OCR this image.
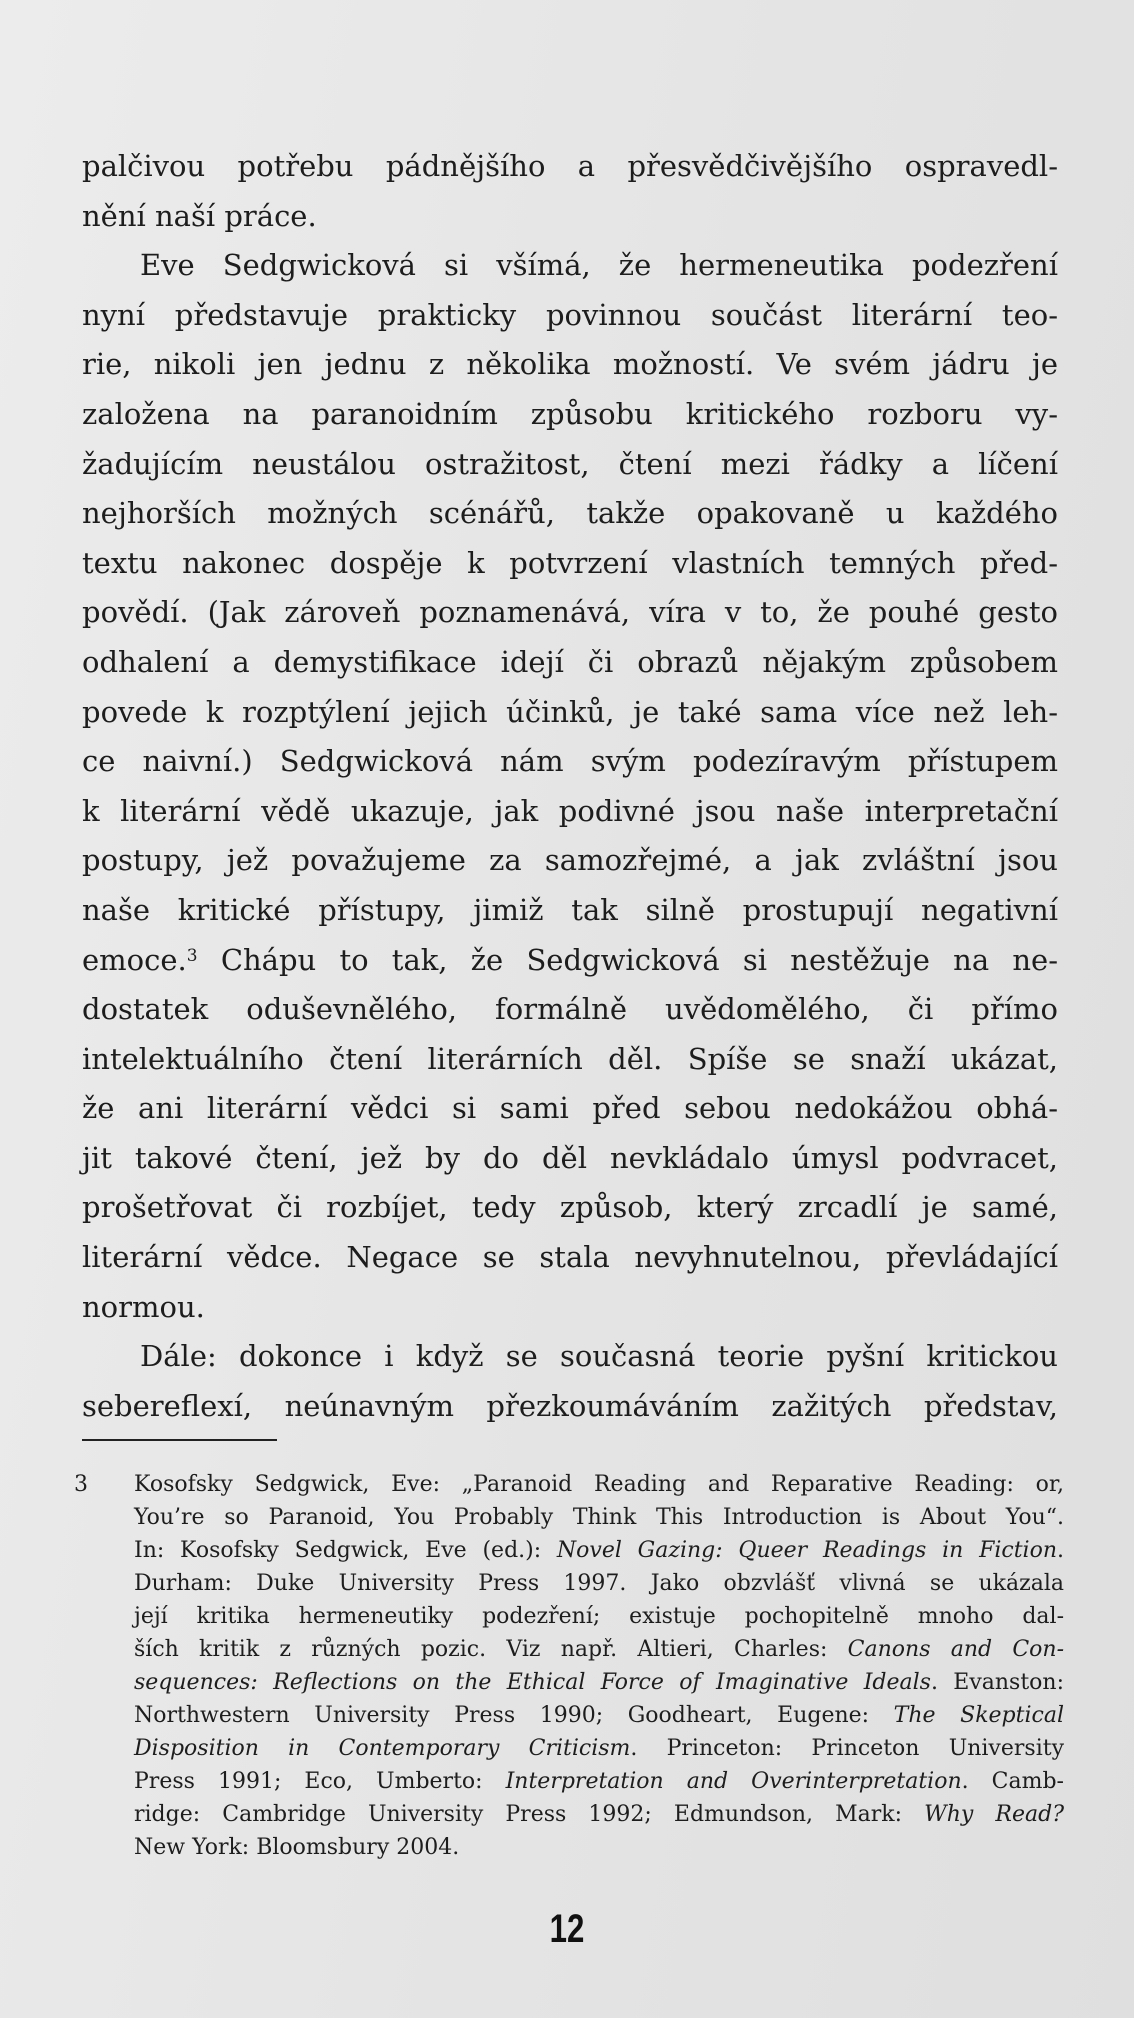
palčivou potřebu pádnějšího a přesvědčivějšího ospravedl-
nění naší práce.
Eve Sedgwicková si všímá, že hermeneutika podezření
nyní představuje prakticky povinnou součást literární teo-
rie, nikoli jen jednu z několika možností. Ve svém jádru je
založena na paranoidním způsobu kritického rozboru vy-
žadujícím neustálou ostražitost, čtení mezi řádky a líčení
nejhorších možných scénářů, takže opakovaně u každého
textu nakonec dospěje k potvrzení vlastních temných před-
povědí. (Jak zároveň poznamenává, víra v to, že pouhé gesto
odhalení a demystifikace idejí či obrazů nějakým způsobem
povede k rozptýlení jejich účinků, je také sama více než leh-
ce naivní.) Sedgwicková nám svým podezíravým přístupem
k literární vědě ukazuje, jak podivné jsou naše interpretační
postupy, jež považujeme za samozřejmé, a jak zvláštní jsou
naše kritické přístupy, jimiž tak silně prostupují negativní
emoce.$^3$ Chápu to tak, že Sedgwicková si nestěžuje na ne-
dostatek oduševnělého, formálně uvědomělého, či přímo
intelektuálního čtení literárních děl. Spíše se snaží ukázat,
že ani literární vědci si sami před sebou nedokážou obhá-
jit takové čtení, jež by do děl nevkládalo úmysl podvracet,
prošetřovat či rozbíjet, tedy způsob, který zrcadlí je samé,
literární vědce. Negace se stala nevyhnutelnou, převládající
normou.
Dále: dokonce i když se současná teorie pyšní kritickou
sebereflexí, neúnavným přezkoumáváním zažitých představ,
3 Kosofsky Sedgwick, Eve: „Paranoid Reading and Reparative Reading: or,
You’re so Paranoid, You Probably Think This Introduction is About You“.
In: Kosofsky Sedgwick, Eve (ed.): Novel Gazing: Queer Readings in Fiction.
Durham: Duke University Press 1997. Jako obzvlášť vlivná se ukázala
její kritika hermeneutiky podezření; existuje pochopitelně mnoho dal-
ších kritik z různých pozic. Viz např. Altieri, Charles: Canons and Con-
sequences: Reflections on the Ethical Force of Imaginative Ideals. Evanston:
Northwestern University Press 1990; Goodheart, Eugene: The Skeptical
Disposition in Contemporary Criticism. Princeton: Princeton University
Press 1991; Eco, Umberto: Interpretation and Overinterpretation. Camb-
ridge: Cambridge University Press 1992; Edmundson, Mark: Why Read?
New York: Bloomsbury 2004.
12
